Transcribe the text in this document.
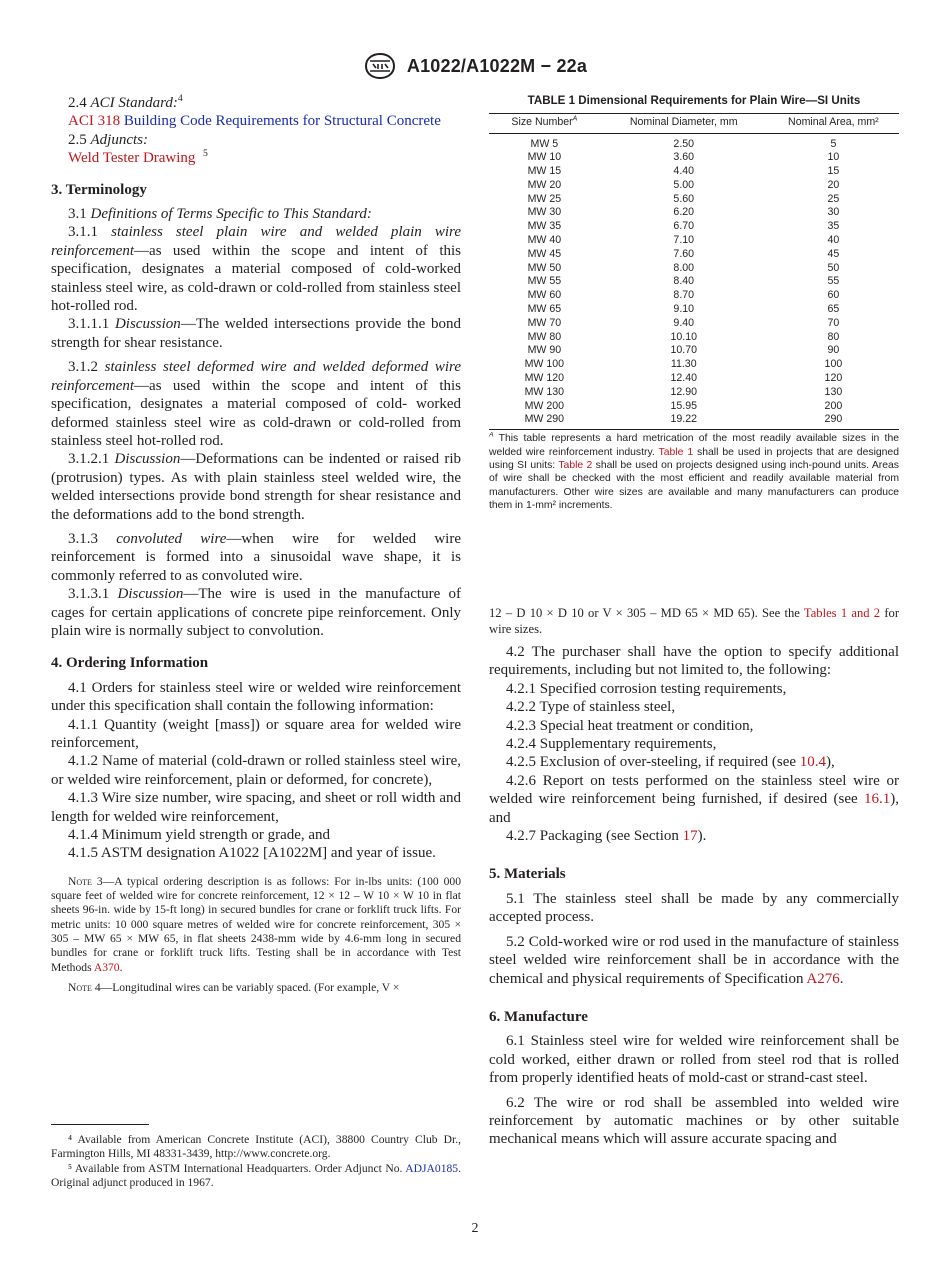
A1022/A1022M − 22a

2.4 ACI Standard:$^4$

ACI 318 Building Code Requirements for Structural Concrete

2.5 Adjuncts:

Weld Tester Drawing $^5$

3. Terminology

3.1 Definitions of Terms Specific to This Standard:

3.1.1 stainless steel plain wire and welded plain wire reinforcement—as used within the scope and intent of this specification, designates a material composed of cold-worked stainless steel wire, as cold-drawn or cold-rolled from stainless steel hot-rolled rod.

3.1.1.1 Discussion—The welded intersections provide the bond strength for shear resistance.

3.1.2 stainless steel deformed wire and welded deformed wire reinforcement—as used within the scope and intent of this specification, designates a material composed of cold- worked deformed stainless steel wire as cold-drawn or cold-rolled from stainless steel hot-rolled rod.

3.1.2.1 Discussion—Deformations can be indented or raised rib (protrusion) types. As with plain stainless steel welded wire, the welded intersections provide bond strength for shear resistance and the deformations add to the bond strength.

3.1.3 convoluted wire—when wire for welded wire reinforcement is formed into a sinusoidal wave shape, it is commonly referred to as convoluted wire.

3.1.3.1 Discussion—The wire is used in the manufacture of cages for certain applications of concrete pipe reinforcement. Only plain wire is normally subject to convolution.

4. Ordering Information

4.1 Orders for stainless steel wire or welded wire reinforcement under this specification shall contain the following information:

4.1.1 Quantity (weight [mass]) or square area for welded wire reinforcement,

4.1.2 Name of material (cold-drawn or rolled stainless steel wire, or welded wire reinforcement, plain or deformed, for concrete),

4.1.3 Wire size number, wire spacing, and sheet or roll width and length for welded wire reinforcement,

4.1.4 Minimum yield strength or grade, and

4.1.5 ASTM designation A1022 [A1022M] and year of issue.

Note 3—A typical ordering description is as follows: For in-lbs units: (100 000 square feet of welded wire for concrete reinforcement, 12 × 12 – W 10 × W 10 in flat sheets 96-in. wide by 15-ft long) in secured bundles for crane or forklift truck lifts. For metric units: 10 000 square metres of welded wire for concrete reinforcement, 305 × 305 – MW 65 × MW 65, in flat sheets 2438-mm wide by 4.6-mm long in secured bundles for crane or forklift truck lifts. Testing shall be in accordance with Test Methods A370.

Note 4—Longitudinal wires can be variably spaced. (For example, V ×

⁴ Available from American Concrete Institute (ACI), 38800 Country Club Dr., Farmington Hills, MI 48331-3439, http://www.concrete.org.

⁵ Available from ASTM International Headquarters. Order Adjunct No. ADJA0185. Original adjunct produced in 1967.

TABLE 1 Dimensional Requirements for Plain Wire—SI Units
Size Number$^A$	Nominal Diameter, mm	Nominal Area, mm²
MW 5	2.50	5
MW 10	3.60	10
MW 15	4.40	15
MW 20	5.00	20
MW 25	5.60	25
MW 30	6.20	30
MW 35	6.70	35
MW 40	7.10	40
MW 45	7.60	45
MW 50	8.00	50
MW 55	8.40	55
MW 60	8.70	60
MW 65	9.10	65
MW 70	9.40	70
MW 80	10.10	80
MW 90	10.70	90
MW 100	11.30	100
MW 120	12.40	120
MW 130	12.90	130
MW 200	15.95	200
MW 290	19.22	290
$^A$ This table represents a hard metrication of the most readily available sizes in the welded wire reinforcement industry. Table 1 shall be used in projects that are designed using SI units: Table 2 shall be used on projects designed using inch-pound units. Areas of wire shall be checked with the most efficient and readily available material from manufacturers. Other wire sizes are available and many manufacturers can produce them in 1-mm² increments.

12 – D 10 × D 10 or V × 305 – MD 65 × MD 65). See the Tables 1 and 2 for wire sizes.

4.2 The purchaser shall have the option to specify additional requirements, including but not limited to, the following:

4.2.1 Specified corrosion testing requirements,

4.2.2 Type of stainless steel,

4.2.3 Special heat treatment or condition,

4.2.4 Supplementary requirements,

4.2.5 Exclusion of over-steeling, if required (see 10.4),

4.2.6 Report on tests performed on the stainless steel wire or welded wire reinforcement being furnished, if desired (see 16.1), and

4.2.7 Packaging (see Section 17).

5. Materials

5.1 The stainless steel shall be made by any commercially accepted process.

5.2 Cold-worked wire or rod used in the manufacture of stainless steel welded wire reinforcement shall be in accordance with the chemical and physical requirements of Specification A276.

6. Manufacture

6.1 Stainless steel wire for welded wire reinforcement shall be cold worked, either drawn or rolled from steel rod that is rolled from properly identified heats of mold-cast or strand-cast steel.

6.2 The wire or rod shall be assembled into welded wire reinforcement by automatic machines or by other suitable mechanical means which will assure accurate spacing and

2
